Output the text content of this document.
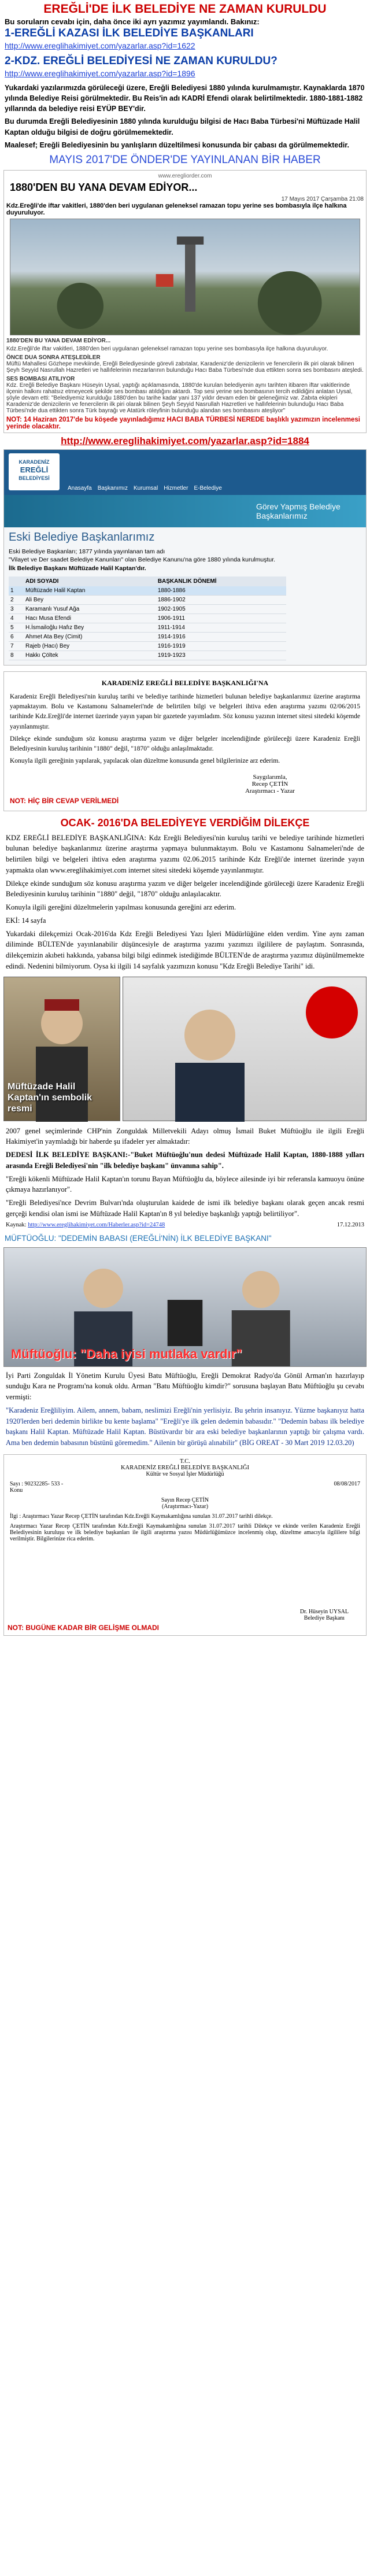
EREĞLİ'DE İLK BELEDİYE NE ZAMAN KURULDU
Bu soruların cevabı için, daha önce iki ayrı yazımız yayımlandı. Bakınız:
1-EREĞLİ KAZASI İLK BELEDİYE BAŞKANLARI
http://www.ereglihakimiyet.com/yazarlar.asp?id=1622
2-KDZ. EREĞLİ BELEDİYESİ NE ZAMAN KURULDU?
http://www.ereglihakimiyet.com/yazarlar.asp?id=1896
Yukardaki yazılarımızda görüleceği üzere, Ereğli Belediyesi 1880 yılında kurulmamıştır. Kaynaklarda 1870 yılında Belediye Reisi görülmektedir. Bu Reis'in adı KADRİ Efendi olarak belirtilmektedir. 1880-1881-1882 yıllarında da belediye reisi EYÜP BEY'dir.
Bu durumda Ereğli Belediyesinin 1880 yılında kurulduğu bilgisi de Hacı Baba Türbesi'ni Müftüzade Halil Kaptan olduğu bilgisi de doğru görülmemektedir.
Maalesef; Ereğli Belediyesinin bu yanlışların düzeltilmesi konusunda bir çabası da görülmemektedir.
MAYIS 2017'DE ÖNDER'DE YAYINLANAN BİR HABER
www.eregliorder.com
1880'DEN BU YANA DEVAM EDİYOR...
17 Mayıs 2017 Çarşamba 21:08
Kdz.Ereğli'de iftar vakitleri, 1880'den beri uygulanan geleneksel ramazan topu yerine ses bombasıyla ilçe halkına duyuruluyor.
1880'DEN BU YANA DEVAM EDİYOR...
Kdz.Ereğli'de iftar vakitleri, 1880'den beri uygulanan geleneksel ramazan topu yerine ses bombasıyla ilçe halkına duyuruluyor.
ÖNCE DUA SONRA ATEŞLEDİLER
Müftü Mahallesi Gözhepe mevkiinde, Ereğli Belediyesinde görevli zabıtalar, Karadeniz'de denizcilerin ve fenercilerin ilk piri olarak bilinen Şeyh Seyyid Nasrullah Hazretleri ve hallıfelerinin mezarlarının bulunduğu Hacı Baba Türbesi'nde dua ettikten sonra ses bombasını ateşledi.
SES BOMBASI ATILIYOR
Kdz. Ereğli Belediye Başkanı Hüseyin Uysal, yaptığı açıklamasında, 1880'de kurulan belediyenin aynı tarihten itibaren iftar vakitlerinde ilçenin halkını rahatsız etmeyecek şekilde ses bombası atıldığını aktardı. Top sesi yerine ses bombasının tercih edildiğini anlatan Uysal, şöyle devam etti: "Belediyemiz kurulduğu 1880'den bu tarihe kadar yani 137 yıldır devam eden bir geleneğimiz var. Zabıta ekipleri Karadeniz'de denizcilerin ve fenercilerin ilk piri olarak bilinen Şeyh Seyyid Nasrullah Hazretleri ve hallıfelerinin bulunduğu Hacı Baba Türbesi'nde dua ettikten sonra Türk bayrağı ve Atatürk röleyfinin bulunduğu alandan ses bombasını ateşliyor"
NOT: 14 Haziran 2017'de bu köşede yayınladığımız HACI BABA TÜRBESİ NEREDE başlıklı yazımızın incelenmesi yerinde olacaktır.
http://www.ereglihakimiyet.com/yazarlar.asp?id=1884
KARADENİZ
EREĞLİ
BELEDİYESİ
Anasayfa Başkanımız Kurumsal Hizmetler E-Belediye
Görev Yapmış Belediye Başkanlarımız
Eski Belediye Başkanlarımız
Eski Belediye Başkanları; 1877 yılında yayınlanan tam adı
"Vilayet ve Der saadet Belediye Kanunları" olan Belediye Kanunu'na göre 1880 yılında kurulmuştur.
İlk Belediye Başkanı Müftüzade Halil Kaptan'dır.
	ADI SOYADI	BAŞKANLIK DÖNEMİ
1	Müftüzade Halil Kaptan	1880-1886
2	Ali Bey	1886-1902
3	Karamanlı Yusuf Ağa	1902-1905
4	Hacı Musa Efendi	1906-1911
5	H.İsmailoğlu Hafız Bey	1911-1914
6	Ahmet Ata Bey (Cimit)	1914-1916
7	Rajeb (Hacı) Bey	1916-1919
8	Hakkı Çöltek	1919-1923
KARADENİZ EREĞLİ BELEDİYE BAŞKANLIĞI'NA
Karadeniz Ereğli Belediyesi'nin kuruluş tarihi ve belediye tarihinde hizmetleri bulunan belediye başkanlarımız üzerine araştırma yapmaktayım. Bolu ve Kastamonu Salnameleri'nde de belirtilen bilgi ve belgeleri ihtiva eden araştırma yazımı 02/06/2015 tarihinde Kdz.Ereğli'de internet üzerinde yayın yapan bir gazetede yayımladım. Söz konusu yazının internet sitesi sitedeki köşemde yayınlanmıştır.
Dilekçe ekinde sunduğum söz konusu araştırma yazım ve diğer belgeler incelendiğinde görüleceği üzere Karadeniz Ereğli Belediyesinin kuruluş tarihinin "1880" değil, "1870" olduğu anlaşılmaktadır.
Konuyla ilgili gereğinin yapılarak, yapılacak olan düzeltme konusunda genel bilgilerinize arz ederim.
Saygılarımla,
Recep ÇETİN
Araştırmacı - Yazar
NOT: HİÇ BİR CEVAP VERİLMEDİ
OCAK- 2016'DA BELEDİYEYE VERDİĞİM DİLEKÇE
KDZ EREĞLİ BELEDİYE BAŞKANLIĞINA: Kdz Ereğli Belediyesi'nin kuruluş tarihi ve belediye tarihinde hizmetleri bulunan belediye başkanlarımız üzerine araştırma yapmaya bulunmaktayım. Bolu ve Kastamonu Salnameleri'nde de belirtilen bilgi ve belgeleri ihtiva eden araştırma yazımı 02.06.2015 tarihinde Kdz Ereğli'de internet üzerinde yayın yapmakta olan www.ereglihakimiyet.com internet sitesi sitedeki köşemde yayınlanmıştır.
Dilekçe ekinde sunduğum söz konusu araştırma yazım ve diğer belgeler incelendiğinde görüleceği üzere Karadeniz Ereğli Belediyesinin kuruluş tarihinin "1880" değil, "1870" olduğu anlaşılacaktır.
Konuyla ilgili gereğini düzeltmelerin yapılması konusunda gereğini arz ederim.
EKİ: 14 sayfa
Yukardaki dilekçemizi Ocak-2016'da Kdz Ereğli Belediyesi Yazı İşleri Müdürlüğüne elden verdim. Yine aynı zaman diliminde BÜLTEN'de yayınlanabilir düşüncesiyle de araştırma yazımı yazımızı ilgililere de paylaştım. Sonrasında, dilekçemizin akıbeti hakkında, yabansa bilgi bilgi edinmek istediğimde BÜLTEN'de de araştırma yazımız düşünülmemekte edindi. Nedenini bilmiyorum. Oysa ki ilgili 14 sayfalık yazımızın konusu "Kdz Ereğli Belediye Tarihi" idi.
Müftüzade Halil Kaptan'ın sembolik resmi
2007 genel seçimlerinde CHP'nin Zonguldak Milletvekili Adayı olmuş İsmail Buket Müftüoğlu ile ilgili Ereğli Hakimiyet'in yaymladığı bir haberde şu ifadeler yer almaktadır:
DEDESİ İLK BELEDİYE BAŞKANI:-"Buket Müftüoğlu'nun dedesi Müftüzade Halil Kaptan, 1880-1888 yılları arasında Ereğli Belediyesi'nin "ilk belediye başkanı" ünvanına sahip".
"Ereğli kökenli Müftüzade Halil Kaptan'ın torunu Bayan Müftüoğlu da, böylece ailesinde iyi bir referansla kamuoyu önüne çıkmaya hazırlanıyor".
"Ereğli Belediyesi'nce Devrim Bulvarı'nda oluşturulan kaidede de ismi ilk belediye başkanı olarak geçen ancak resmi gerçeği kendisi olan ismi ise Müftüzade Halil Kaptan'ın 8 yıl belediye başkanlığı yaptığı belirtiliyor".
Kaynak: http://www.ereglihakimiyet.com/Haberler.asp?id=24748	17.12.2013
MÜFTÜOĞLU: "DEDEMİN BABASI (EREĞLİ'NİN) İLK BELEDİYE BAŞKANI"
Müftüoğlu: "Daha iyisi mutlaka vardır"
İyi Parti Zonguldak İl Yönetim Kurulu Üyesi Batu Müftüoğlu, Ereğli Demokrat Radyo'da Gönül Arman'ın hazırlayıp sunduğu Kara ne Programı'na konuk oldu. Arman "Batu Müftüoğlu kimdir?" sorusuna başlayan Batu Müftüoğlu şu cevabı vermişti:
"Karadeniz Ereğliliyim. Ailem, annem, babam, neslimizi Ereğli'nin yerlisiyiz. Bu şehrin insanıyız. Yüzme başkanıyız hatta 1920'lerden beri dedemin birlikte bu kente başlama" "Ereğli'ye ilk gelen dedemin babasıdır." "Dedemin babası ilk belediye başkanı Halil Kaptan. Müftüzade Halil Kaptan. Büstüvardır bir ara eski belediye başkanlarının yaptığı bir çalışma vardı. Ama ben dedemin babasının büstünü göremedim." Ailenin bir görüşü alınabilir" (BİG OREAT - 30 Mart 2019 12.03.20)
T.C.
KARADENİZ EREĞLİ BELEDİYE BAŞKANLIĞI
Kültür ve Sosyal İşler Müdürlüğü
Sayı : 90232285- 533 -	08/08/2017
Konu
Sayın Recep ÇETİN
(Araştırmacı-Yazar)
İlgi : Araştırmacı Yazar Recep ÇETİN tarafından Kdz.Ereğli Kaymakamlığına sunulan 31.07.2017 tarihli dilekçe.
Araştırmacı Yazar Recep ÇETİN tarafından Kdz.Ereğli Kaymakamlığına sunulan 31.07.2017 tarihli Dilekçe ve ekinde verilen Karadeniz Ereğli Belediyesinin kuruluşu ve ilk belediye başkanları ile ilgili araştırma yazısı Müdürlüğümüzce incelenmiş olup, düzeltme amacıyla ilgililere bilgi verilmiştir. Bilgilerinize rica ederim.
Dr. Hüseyin UYSAL
Belediye Başkanı
NOT: BUGÜNE KADAR BİR GELİŞME OLMADI
